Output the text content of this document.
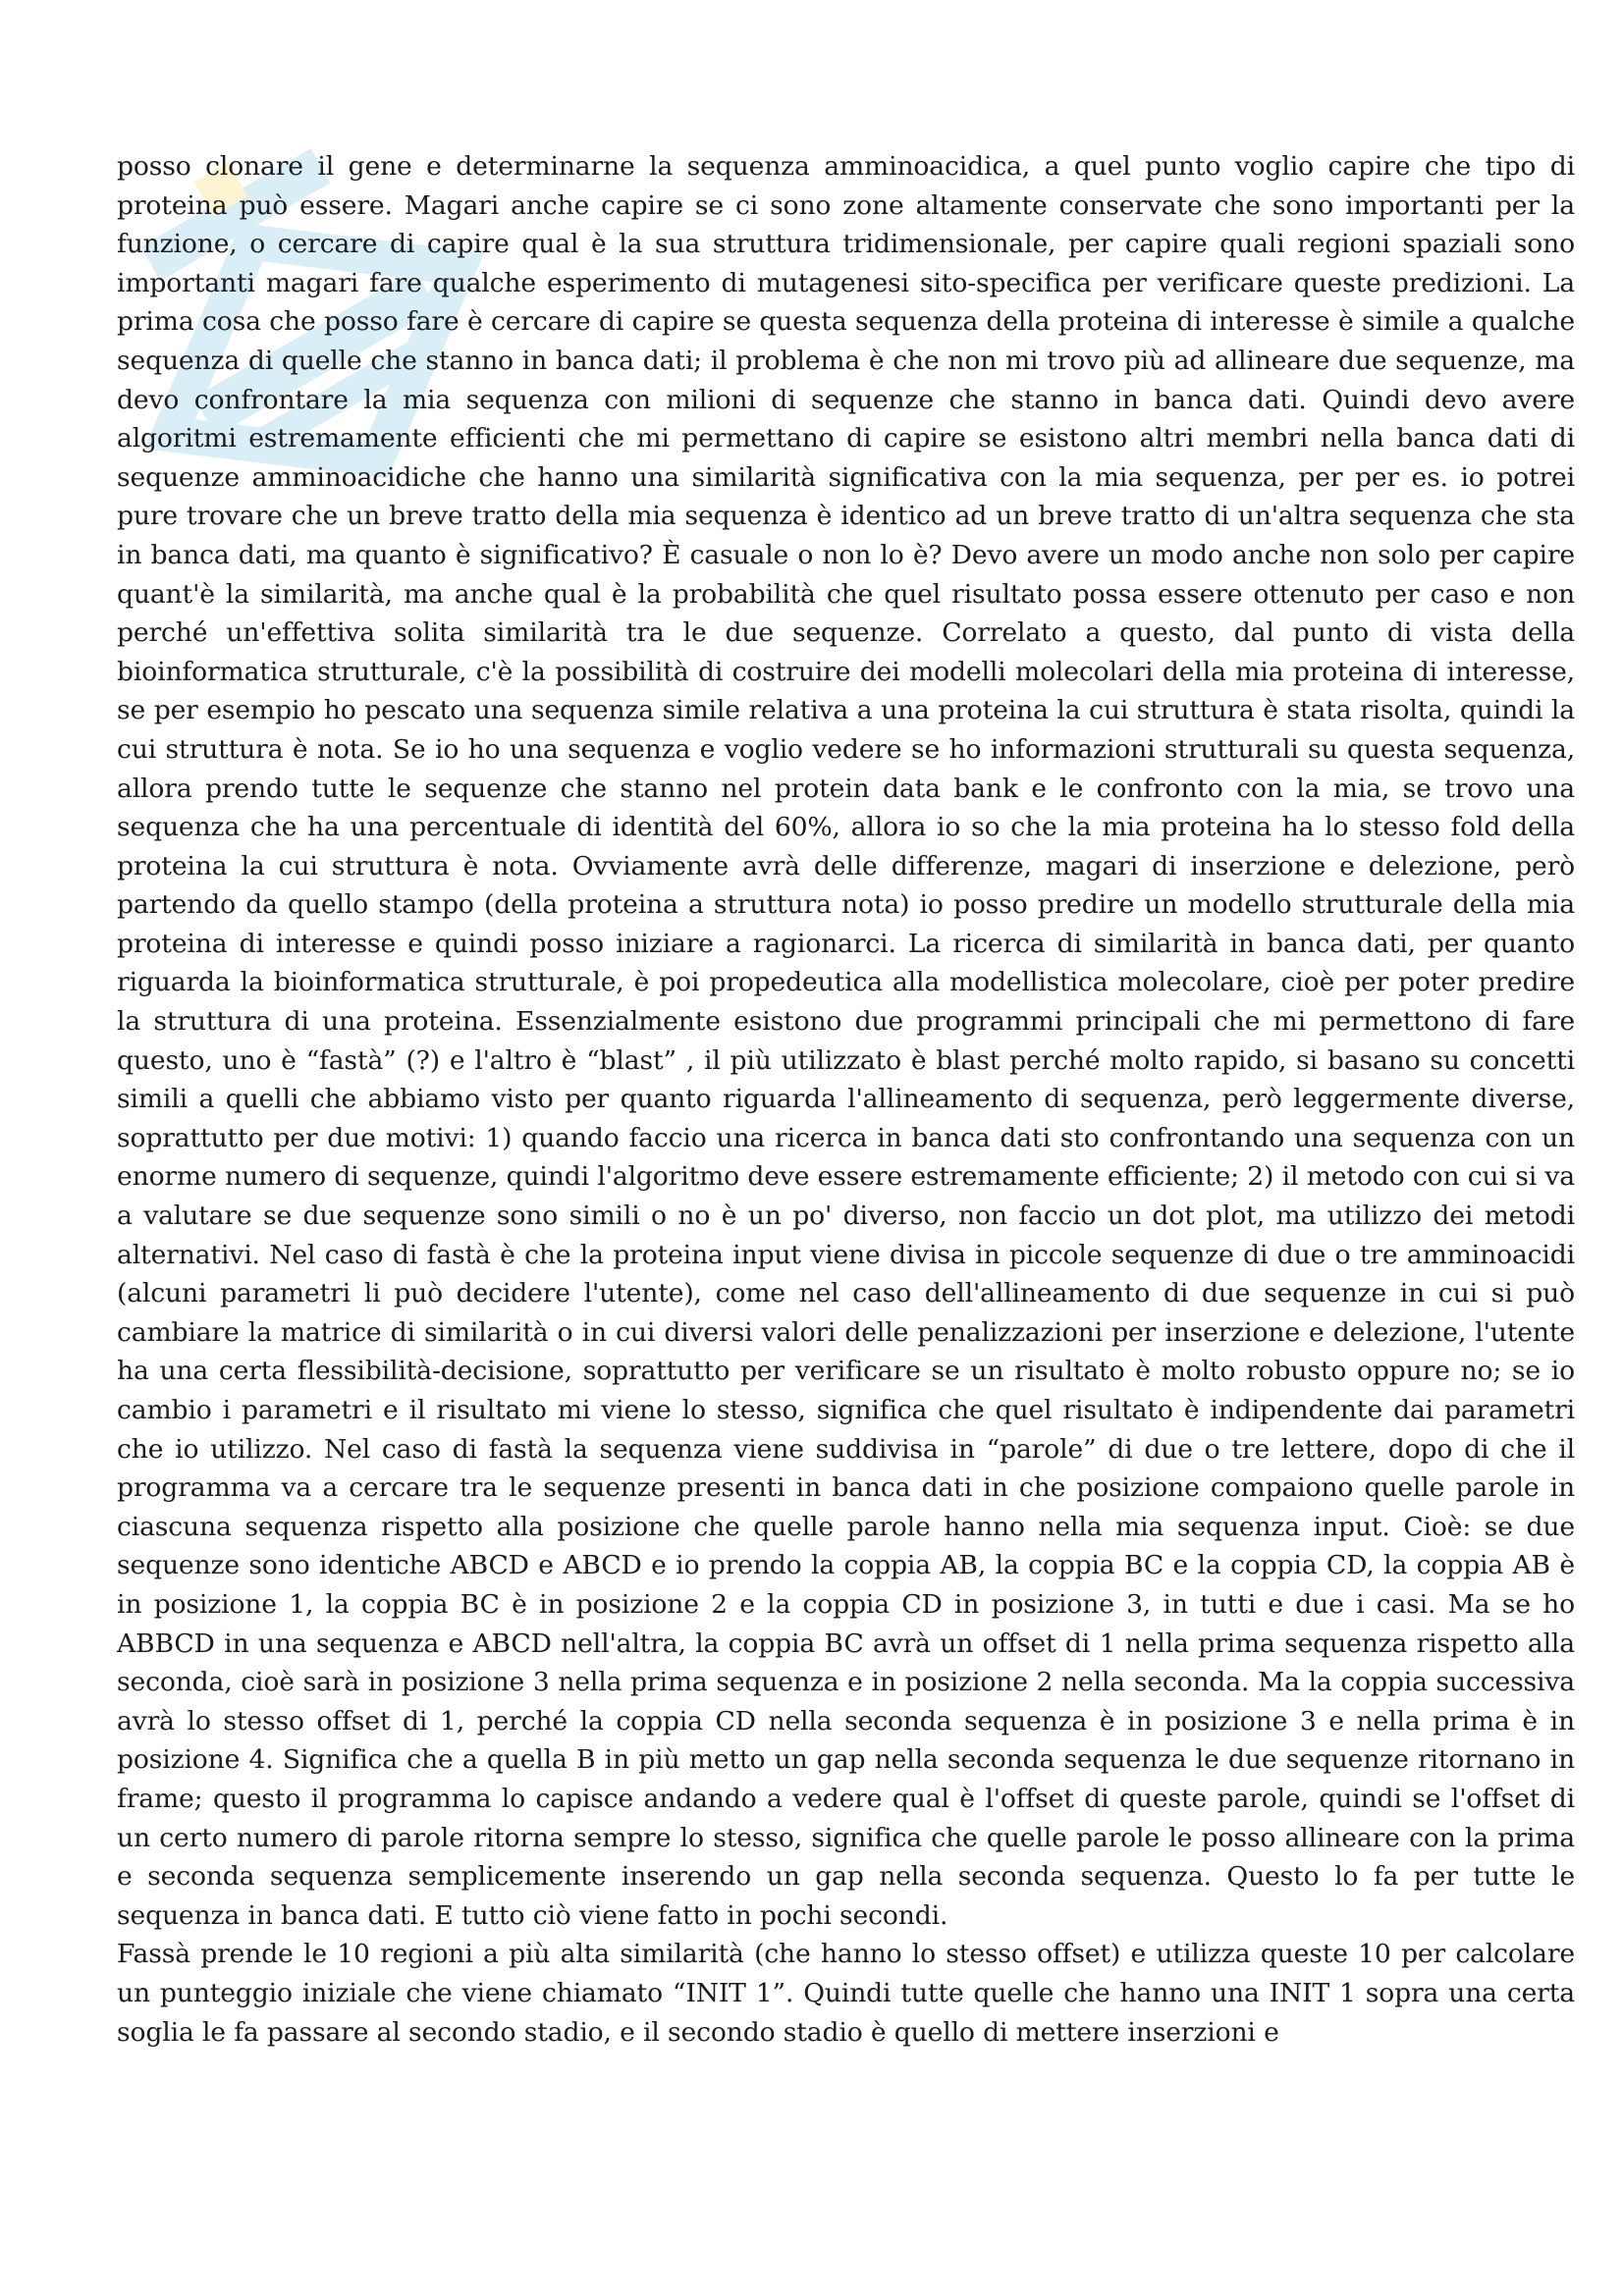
posso clonare il gene e determinarne la sequenza amminoacidica, a quel punto voglio capire che tipo di proteina può essere. Magari anche capire se ci sono zone altamente conservate che sono importanti per la funzione, o cercare di capire qual è la sua struttura tridimensionale, per capire quali regioni spaziali sono importanti magari fare qualche esperimento di mutagenesi sito-specifica per verificare queste predizioni. La prima cosa che posso fare è cercare di capire se questa sequenza della proteina di interesse è simile a qualche sequenza di quelle che stanno in banca dati; il problema è che non mi trovo più ad allineare due sequenze, ma devo confrontare la mia sequenza con milioni di sequenze che stanno in banca dati. Quindi devo avere algoritmi estremamente efficienti che mi permettano di capire se esistono altri membri nella banca dati di sequenze amminoacidiche che hanno una similarità significativa con la mia sequenza, per per es. io potrei pure trovare che un breve tratto della mia sequenza è identico ad un breve tratto di un'altra sequenza che sta in banca dati, ma quanto è significativo? È casuale o non lo è? Devo avere un modo anche non solo per capire quant'è la similarità, ma anche qual è la probabilità che quel risultato possa essere ottenuto per caso e non perché un'effettiva solita similarità tra le due sequenze. Correlato a questo, dal punto di vista della bioinformatica strutturale, c'è la possibilità di costruire dei modelli molecolari della mia proteina di interesse, se per esempio ho pescato una sequenza simile relativa a una proteina la cui struttura è stata risolta, quindi la cui struttura è nota. Se io ho una sequenza e voglio vedere se ho informazioni strutturali su questa sequenza, allora prendo tutte le sequenze che stanno nel protein data bank e le confronto con la mia, se trovo una sequenza che ha una percentuale di identità del 60%, allora io so che la mia proteina ha lo stesso fold della proteina la cui struttura è nota. Ovviamente avrà delle differenze, magari di inserzione e delezione, però partendo da quello stampo (della proteina a struttura nota) io posso predire un modello strutturale della mia proteina di interesse e quindi posso iniziare a ragionarci. La ricerca di similarità in banca dati, per quanto riguarda la bioinformatica strutturale, è poi propedeutica alla modellistica molecolare, cioè per poter predire la struttura di una proteina. Essenzialmente esistono due programmi principali che mi permettono di fare questo, uno è “fastà” (?) e l'altro è “blast” , il più utilizzato è blast perché molto rapido, si basano su concetti simili a quelli che abbiamo visto per quanto riguarda l'allineamento di sequenza, però leggermente diverse, soprattutto per due motivi: 1) quando faccio una ricerca in banca dati sto confrontando una sequenza con un enorme numero di sequenze, quindi l'algoritmo deve essere estremamente efficiente; 2) il metodo con cui si va a valutare se due sequenze sono simili o no è un po' diverso, non faccio un dot plot, ma utilizzo dei metodi alternativi. Nel caso di fastà è che la proteina input viene divisa in piccole sequenze di due o tre amminoacidi (alcuni parametri li può decidere l'utente), come nel caso dell'allineamento di due sequenze in cui si può cambiare la matrice di similarità o in cui diversi valori delle penalizzazioni per inserzione e delezione, l'utente ha una certa flessibilità-decisione, soprattutto per verificare se un risultato è molto robusto oppure no; se io cambio i parametri e il risultato mi viene lo stesso, significa che quel risultato è indipendente dai parametri che io utilizzo. Nel caso di fastà la sequenza viene suddivisa in “parole” di due o tre lettere, dopo di che il programma va a cercare tra le sequenze presenti in banca dati in che posizione compaiono quelle parole in ciascuna sequenza rispetto alla posizione che quelle parole hanno nella mia sequenza input. Cioè: se due sequenze sono identiche ABCD e ABCD e io prendo la coppia AB, la coppia BC e la coppia CD, la coppia AB è in posizione 1, la coppia BC è in posizione 2 e la coppia CD in posizione 3, in tutti e due i casi. Ma se ho ABBCD in una sequenza e ABCD nell'altra, la coppia BC avrà un offset di 1 nella prima sequenza rispetto alla seconda, cioè sarà in posizione 3 nella prima sequenza e in posizione 2 nella seconda. Ma la coppia successiva avrà lo stesso offset di 1, perché la coppia CD nella seconda sequenza è in posizione 3 e nella prima è in posizione 4. Significa che a quella B in più metto un gap nella seconda sequenza le due sequenze ritornano in frame; questo il programma lo capisce andando a vedere qual è l'offset di queste parole, quindi se l'offset di un certo numero di parole ritorna sempre lo stesso, significa che quelle parole le posso allineare con la prima e seconda sequenza semplicemente inserendo un gap nella seconda sequenza. Questo lo fa per tutte le sequenza in banca dati. E tutto ciò viene fatto in pochi secondi.

Fassà prende le 10 regioni a più alta similarità (che hanno lo stesso offset) e utilizza queste 10 per calcolare un punteggio iniziale che viene chiamato “INIT 1”. Quindi tutte quelle che hanno una INIT 1 sopra una certa soglia le fa passare al secondo stadio, e il secondo stadio è quello di mettere inserzioni e
